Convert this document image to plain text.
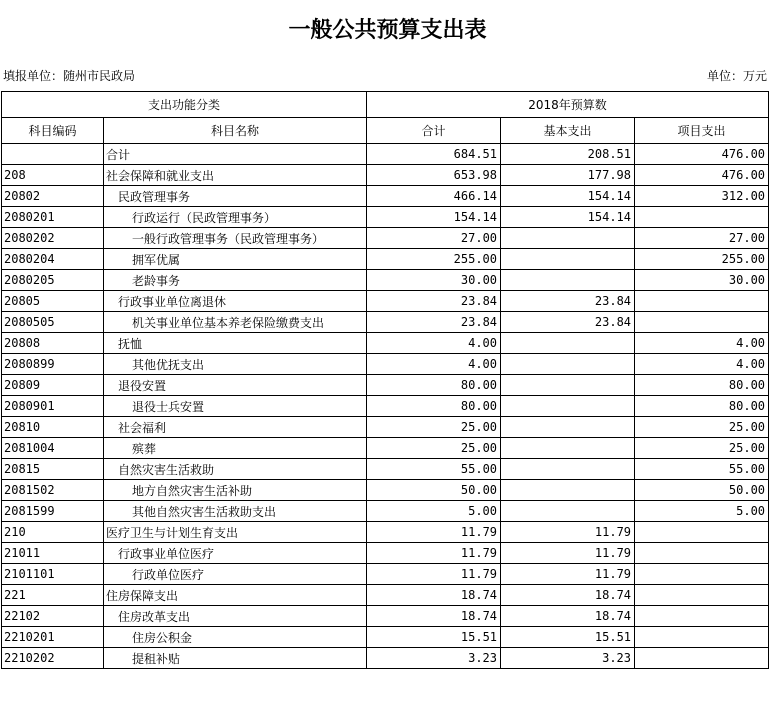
一般公共预算支出表
填报单位：随州市民政局	单位：万元
支出功能分类		2018年预算数		
科目编码	科目名称	合计	基本支出	项目支出
	合计	684.51	208.51	476.00
208	社会保障和就业支出	653.98	177.98	476.00
20802	民政管理事务	466.14	154.14	312.00
2080201	行政运行（民政管理事务）	154.14	154.14	
2080202	一般行政管理事务（民政管理事务）	27.00		27.00
2080204	拥军优属	255.00		255.00
2080205	老龄事务	30.00		30.00
20805	行政事业单位离退休	23.84	23.84	
2080505	机关事业单位基本养老保险缴费支出	23.84	23.84	
20808	抚恤	4.00		4.00
2080899	其他优抚支出	4.00		4.00
20809	退役安置	80.00		80.00
2080901	退役士兵安置	80.00		80.00
20810	社会福利	25.00		25.00
2081004	殡葬	25.00		25.00
20815	自然灾害生活救助	55.00		55.00
2081502	地方自然灾害生活补助	50.00		50.00
2081599	其他自然灾害生活救助支出	5.00		5.00
210	医疗卫生与计划生育支出	11.79	11.79	
21011	行政事业单位医疗	11.79	11.79	
2101101	行政单位医疗	11.79	11.79	
221	住房保障支出	18.74	18.74	
22102	住房改革支出	18.74	18.74	
2210201	住房公积金	15.51	15.51	
2210202	提租补贴	3.23	3.23	
